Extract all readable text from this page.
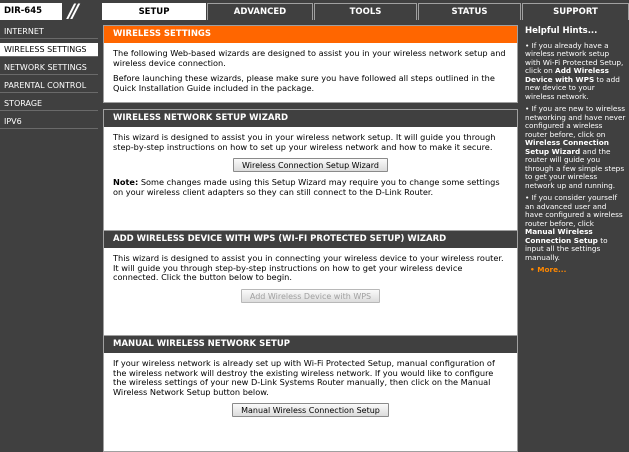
DIR-645	//	SETUP	ADVANCED	TOOLS	STATUS	SUPPORT
INTERNET
WIRELESS SETTINGS
NETWORK SETTINGS
PARENTAL CONTROL
STORAGE
IPV6
WIRELESS SETTINGS

The following Web-based wizards are designed to assist you in your wireless network setup and wireless device connection.

Before launching these wizards, please make sure you have followed all steps outlined in the Quick Installation Guide included in the package.

WIRELESS NETWORK SETUP WIZARD

This wizard is designed to assist you in your wireless network setup. It will guide you through step-by-step instructions on how to set up your wireless network and how to make it secure.

Wireless Connection Setup Wizard

Note: Some changes made using this Setup Wizard may require you to change some settings on your wireless client adapters so they can still connect to the D-Link Router.

ADD WIRELESS DEVICE WITH WPS (WI-FI PROTECTED SETUP) WIZARD

This wizard is designed to assist you in connecting your wireless device to your wireless router. It will guide you through step-by-step instructions on how to get your wireless device connected. Click the button below to begin.

Add Wireless Device with WPS
MANUAL WIRELESS NETWORK SETUP

If your wireless network is already set up with Wi-Fi Protected Setup, manual configuration of the wireless network will destroy the existing wireless network. If you would like to configure the wireless settings of your new D-Link Systems Router manually, then click on the Manual Wireless Network Setup button below.

Manual Wireless Connection Setup
Helpful Hints...
• If you already have a wireless network setup with Wi-Fi Protected Setup, click on Add Wireless Device with WPS to add new device to your wireless network.
• If you are new to wireless networking and have never configured a wireless router before, click on Wireless Connection Setup Wizard and the router will guide you through a few simple steps to get your wireless network up and running.
• If you consider yourself an advanced user and have configured a wireless router before, click Manual Wireless Connection Setup to input all the settings manually.
• More...
